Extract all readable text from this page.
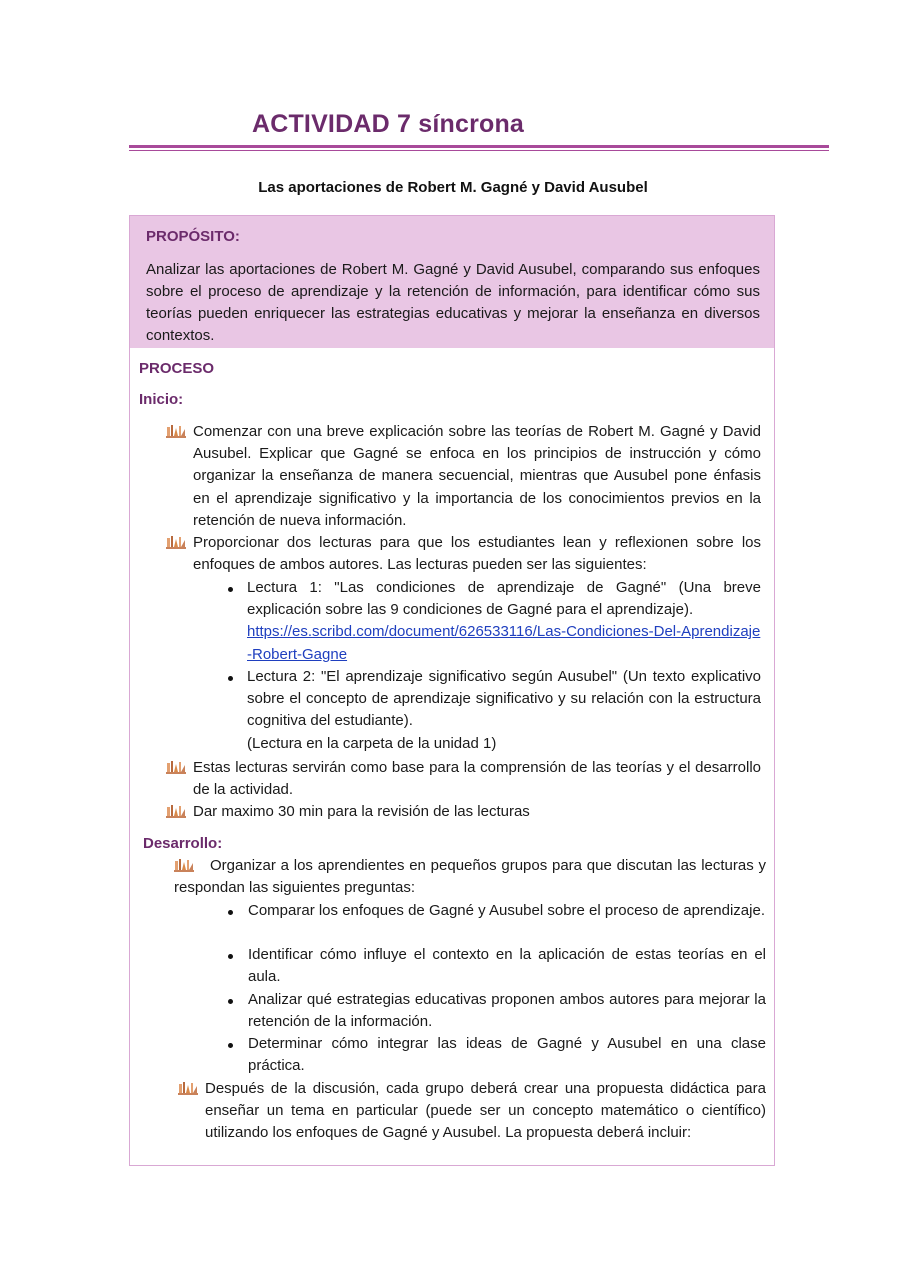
ACTIVIDAD 7 síncrona
Las aportaciones de Robert M. Gagné y David Ausubel
PROPÓSITO:
Analizar las aportaciones de Robert M. Gagné y David Ausubel, comparando sus enfoques sobre el proceso de aprendizaje y la retención de información, para identificar cómo sus teorías pueden enriquecer las estrategias educativas y mejorar la enseñanza en diversos contextos.
PROCESO
Inicio:
Comenzar con una breve explicación sobre las teorías de Robert M. Gagné y David Ausubel. Explicar que Gagné se enfoca en los principios de instrucción y cómo organizar la enseñanza de manera secuencial, mientras que Ausubel pone énfasis en el aprendizaje significativo y la importancia de los conocimientos previos en la retención de nueva información.
Proporcionar dos lecturas para que los estudiantes lean y reflexionen sobre los enfoques de ambos autores. Las lecturas pueden ser las siguientes:
Lectura 1: "Las condiciones de aprendizaje de Gagné" (Una breve explicación sobre las 9 condiciones de Gagné para el aprendizaje).
https://es.scribd.com/document/626533116/Las-Condiciones-Del-Aprendizaje-Robert-Gagne
Lectura 2: "El aprendizaje significativo según Ausubel" (Un texto explicativo sobre el concepto de aprendizaje significativo y su relación con la estructura cognitiva del estudiante).
(Lectura en la carpeta de la unidad 1)
Estas lecturas servirán como base para la comprensión de las teorías y el desarrollo de la actividad.
Dar maximo 30 min para la revisión de las lecturas
Desarrollo:
Organizar a los aprendientes en pequeños grupos para que discutan las lecturas y respondan las siguientes preguntas:
Comparar los enfoques de Gagné y Ausubel sobre el proceso de aprendizaje.
Identificar cómo influye el contexto en la aplicación de estas teorías en el aula.
Analizar qué estrategias educativas proponen ambos autores para mejorar la retención de la información.
Determinar cómo integrar las ideas de Gagné y Ausubel en una clase práctica.
Después de la discusión, cada grupo deberá crear una propuesta didáctica para enseñar un tema en particular (puede ser un concepto matemático o científico) utilizando los enfoques de Gagné y Ausubel. La propuesta deberá incluir:
